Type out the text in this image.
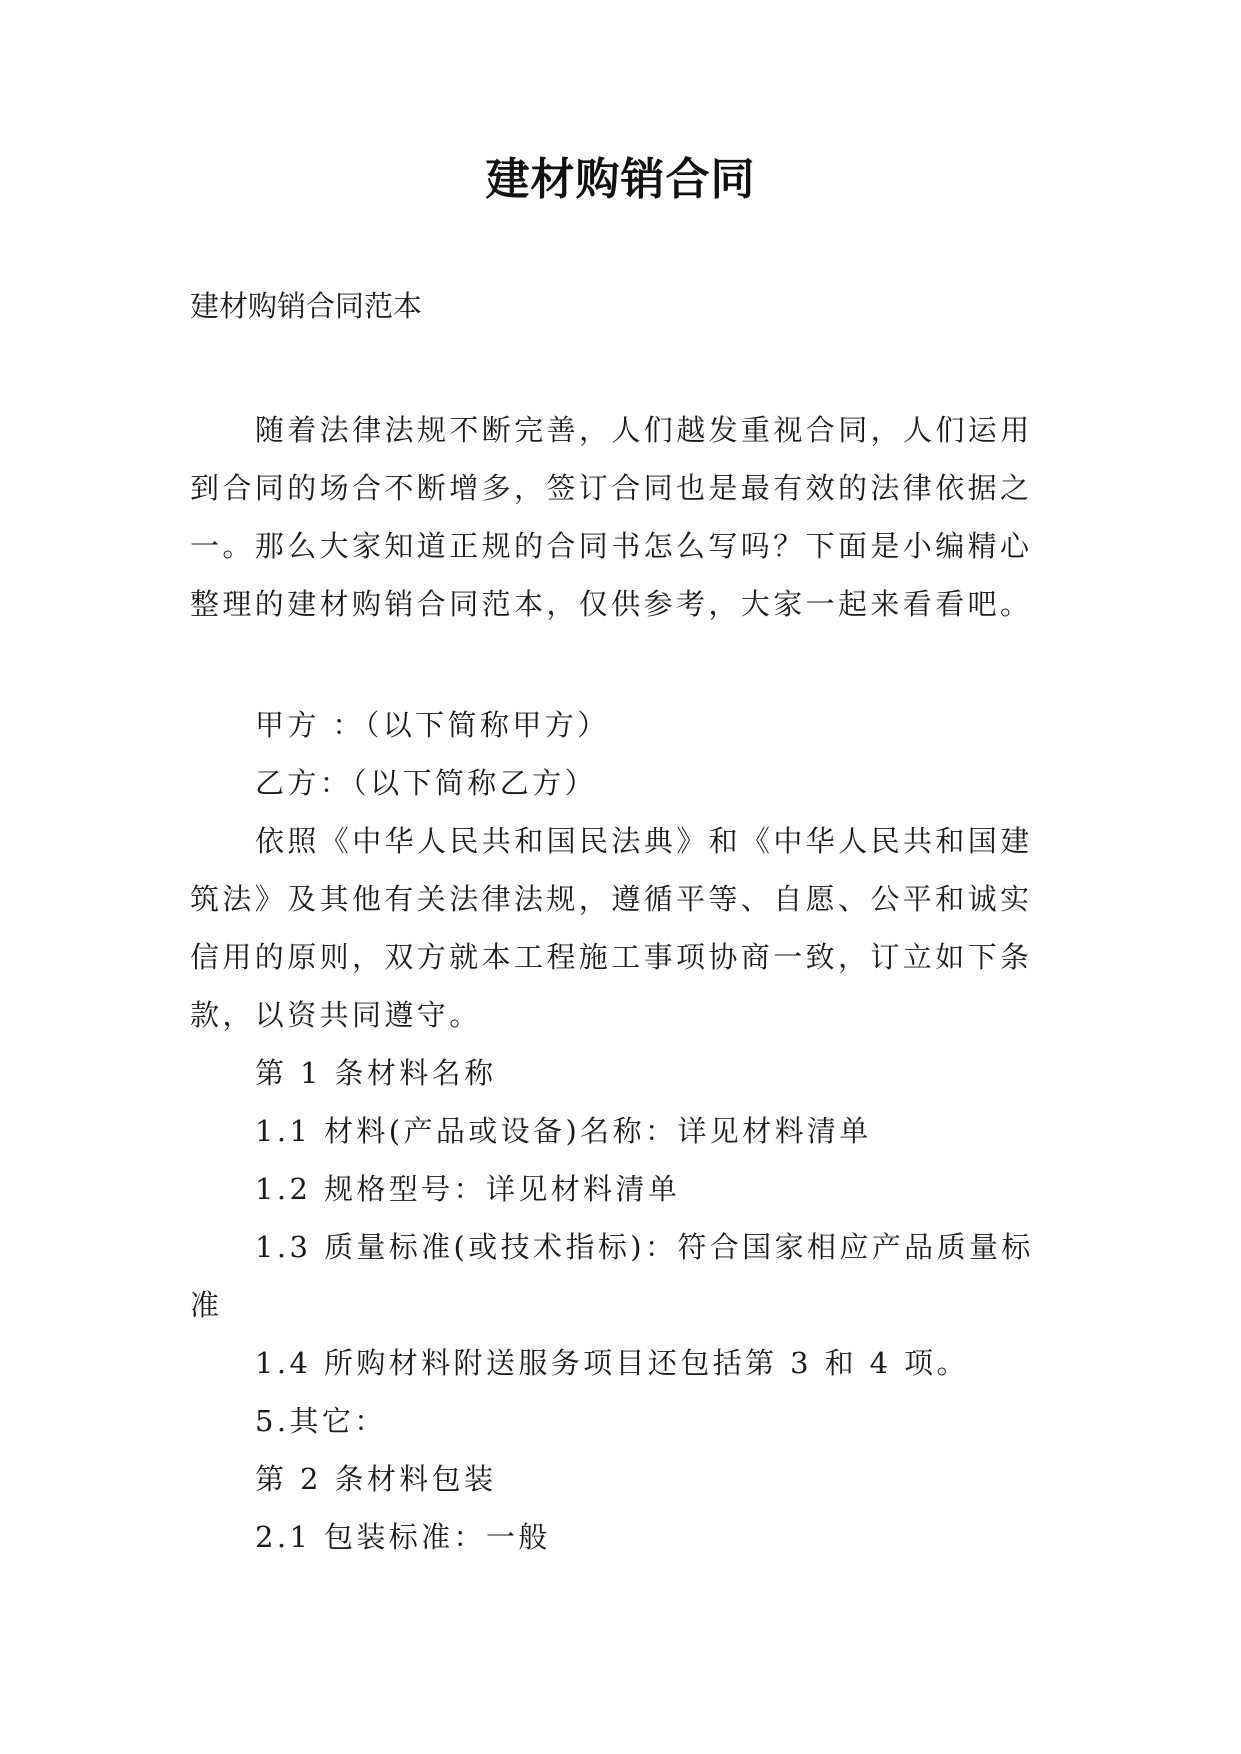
建材购销合同
建材购销合同范本
随着法律法规不断完善，人们越发重视合同，人们运用
到合同的场合不断增多，签订合同也是最有效的法律依据之
一。那么大家知道正规的合同书怎么写吗？下面是小编精心
整理的建材购销合同范本，仅供参考，大家一起来看看吧。
甲方 ：（以下简称甲方）
乙方：（以下简称乙方）
依照《中华人民共和国民法典》和《中华人民共和国建
筑法》及其他有关法律法规，遵循平等、自愿、公平和诚实
信用的原则，双方就本工程施工事项协商一致，订立如下条
款，以资共同遵守。
第 1 条材料名称
1.1 材料(产品或设备)名称：详见材料清单
1.2 规格型号：详见材料清单
1.3 质量标准(或技术指标)：符合国家相应产品质量标
准
1.4 所购材料附送服务项目还包括第 3 和 4 项。
5.其它：
第 2 条材料包装
2.1 包装标准：一般
